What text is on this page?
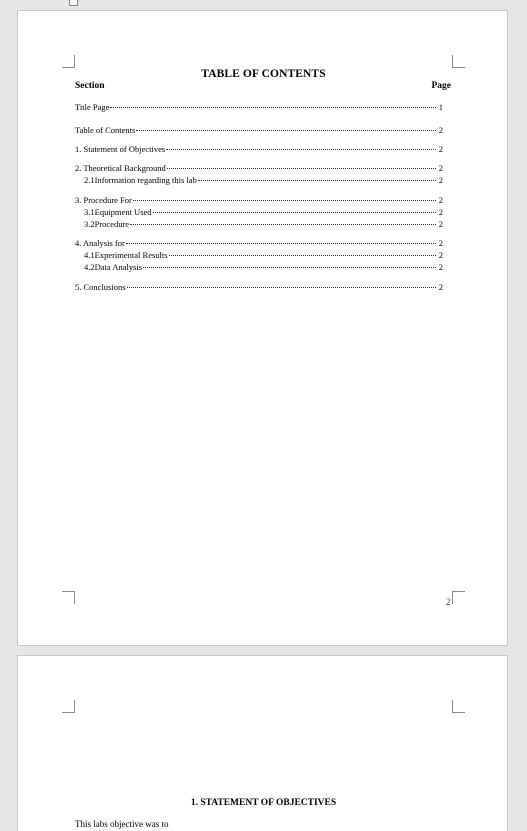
TABLE OF CONTENTS
Section	Page
Title Page	1
Table of Contents	2
1. Statement of Objectives	2
2. Theoretical Background	2
2.1Information regarding this lab	2
3. Procedure For	2
3.1Equipment Used	2
3.2Procedure	2
4. Analysis for	2
4.1Experimental Results	2
4.2Data Analysis	2
5. Conclusions	2
2
1. STATEMENT OF OBJECTIVES
This labs objective was to
